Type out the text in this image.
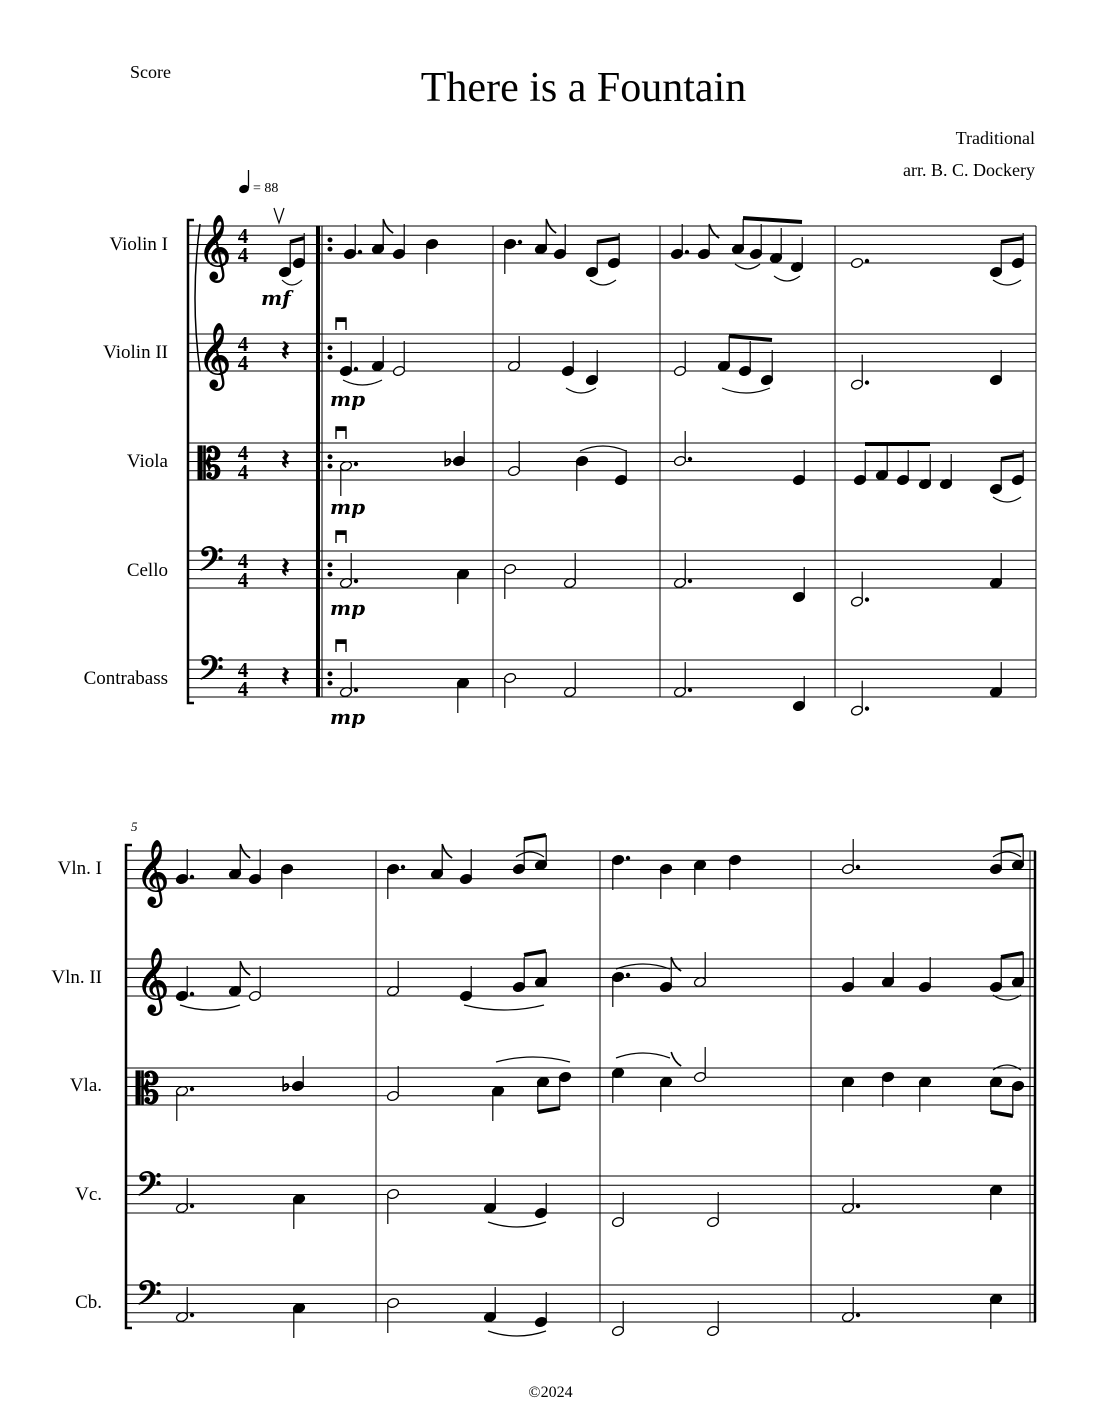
Score	There is a Fountain
Traditional
arr. B. C. Dockery
Violin I
Violin II
Viola
Cello
Contrabass
Vln. I
Vln. II
Vla.
Vc.
Cb.
= 88
𝄞
𝄞
𝄡
𝄢
𝄢
𝄽
𝄽	♭
𝄽
𝄽
𝄞
𝄞
𝄡
𝄢
𝄢
♭
4
4
4
4
4
4
4
4
4
4
mf
mp
mp
mp
mp
5
©2024
